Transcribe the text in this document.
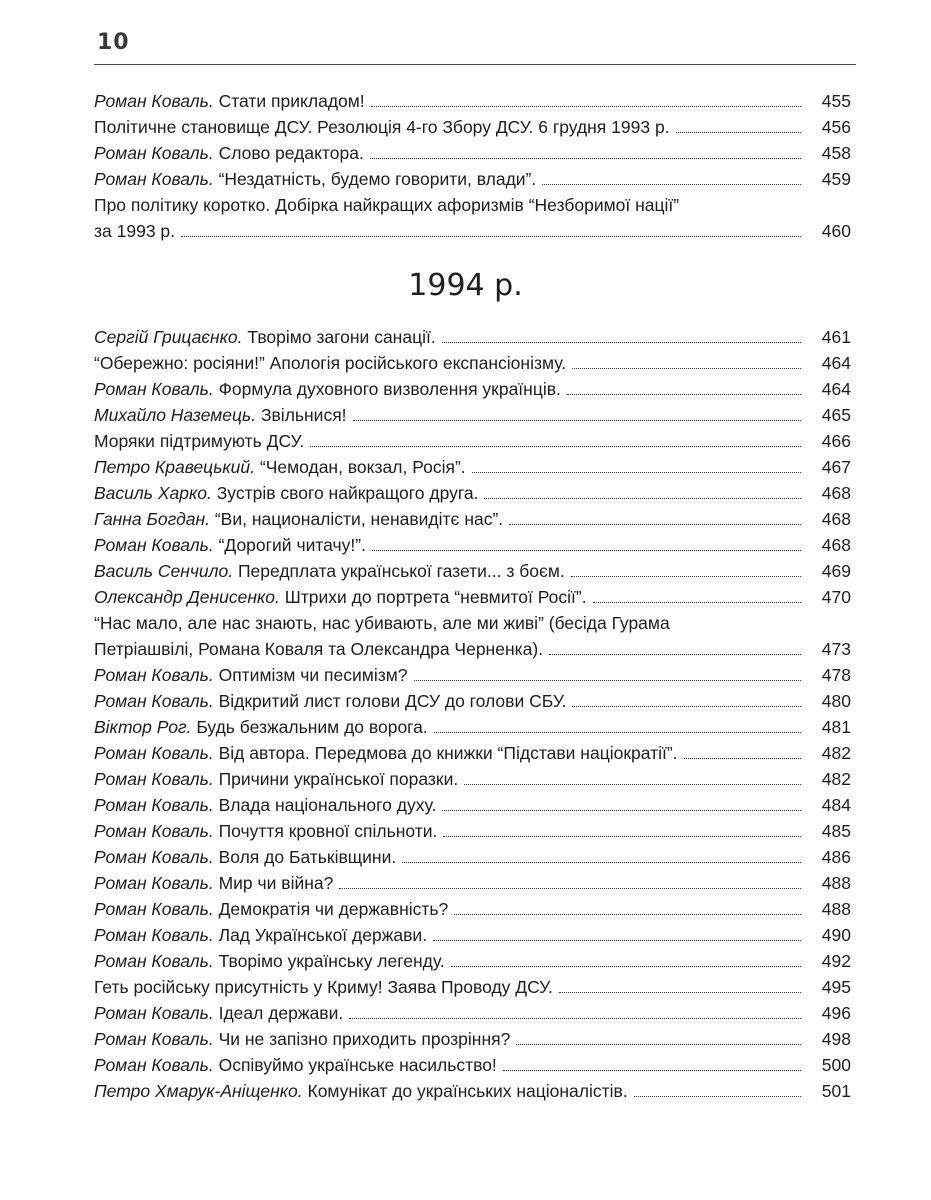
10
Роман Коваль. Стати прикладом!	455
Політичне становище ДСУ. Резолюція 4-го Збору ДСУ. 6 грудня 1993 р.	456
Роман Коваль. Слово редактора.	458
Роман Коваль. “Нездатність, будемо говорити, влади”.	459
Про політику коротко. Добірка найкращих афоризмів “Незборимої нації”
за 1993 р.	460
1994 р.
Сергій Грицаєнко. Творімо загони санації.	461
“Обережно: росіяни!” Апологія російського експансіонізму.	464
Роман Коваль. Формула духовного визволення українців.	464
Михайло Наземець. Звільнися!	465
Моряки підтримують ДСУ.	466
Петро Кравецький. “Чемодан, вокзал, Росія”.	467
Василь Харко. Зустрів свого найкращого друга.	468
Ганна Богдан. “Ви, националісти, ненавидітє нас”.	468
Роман Коваль. “Дорогий читачу!”.	468
Василь Сенчило. Передплата української газети... з боєм.	469
Олександр Денисенко. Штрихи до портрета “невмитої Росії”.	470
“Нас мало, але нас знають, нас убивають, але ми живі” (бесіда Гурама
Петріашвілі, Романа Коваля та Олександра Черненка).	473
Роман Коваль. Оптимізм чи песимізм?	478
Роман Коваль. Відкритий лист голови ДСУ до голови СБУ.	480
Віктор Рог. Будь безжальним до ворога.	481
Роман Коваль. Від автора. Передмова до книжки “Підстави націократії”.	482
Роман Коваль. Причини української поразки.	482
Роман Коваль. Влада національного духу.	484
Роман Коваль. Почуття кровної спільноти.	485
Роман Коваль. Воля до Батьківщини.	486
Роман Коваль. Мир чи війна?	488
Роман Коваль. Демократія чи державність?	488
Роман Коваль. Лад Української держави.	490
Роман Коваль. Творімо українську легенду.	492
Геть російську присутність у Криму! Заява Проводу ДСУ.	495
Роман Коваль. Ідеал держави.	496
Роман Коваль. Чи не запізно приходить прозріння?	498
Роман Коваль. Оспівуймо українське насильство!	500
Петро Хмарук-Аніщенко. Комунікат до українських націоналістів.	501
